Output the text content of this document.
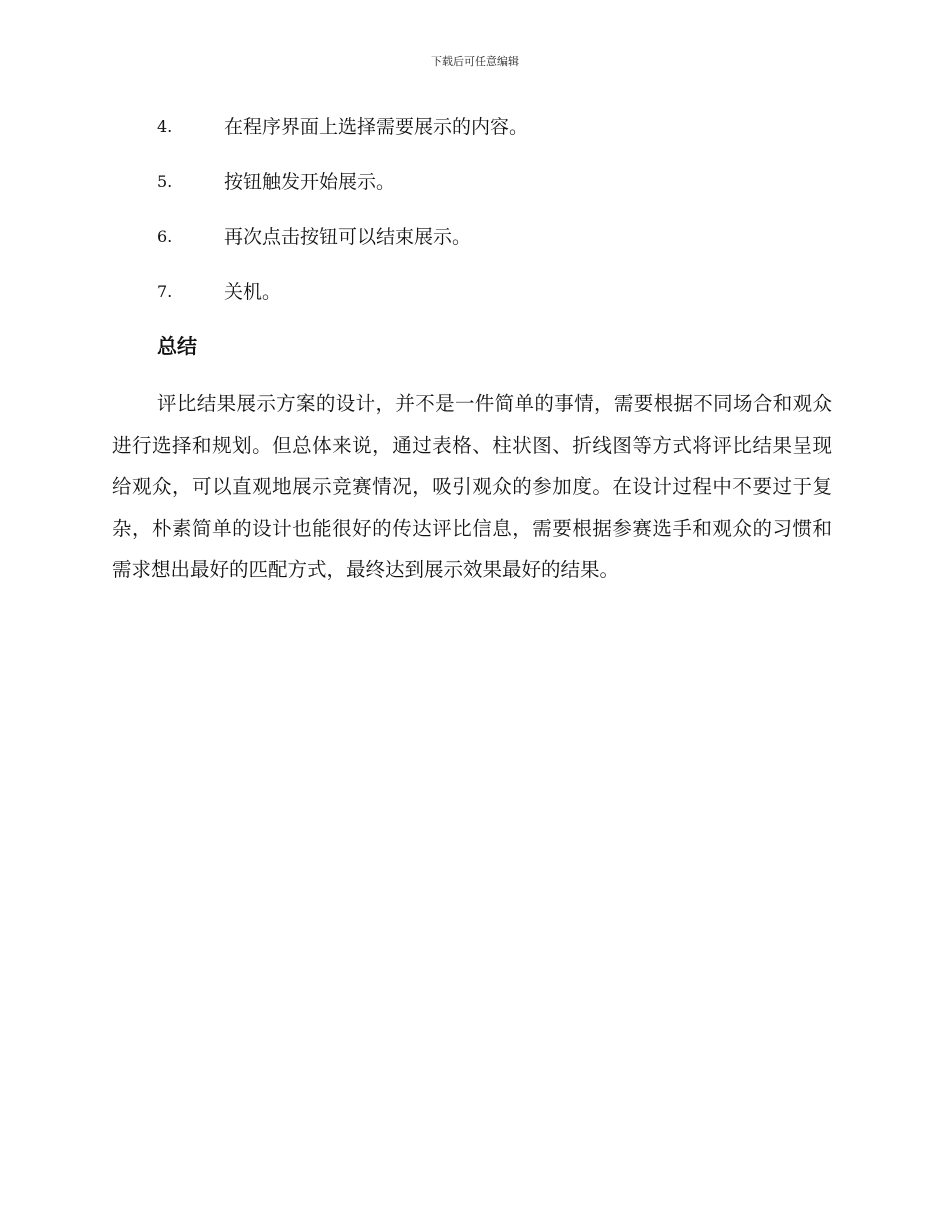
下载后可任意编辑
4.	在程序界面上选择需要展示的内容。
5.	按钮触发开始展示。
6.	再次点击按钮可以结束展示。
7.	关机。
总结

评比结果展示方案的设计，并不是一件简单的事情，需要根据不同场合和观众进行选择和规划。但总体来说，通过表格、柱状图、折线图等方式将评比结果呈现给观众，可以直观地展示竞赛情况，吸引观众的参加度。在设计过程中不要过于复杂，朴素简单的设计也能很好的传达评比信息，需要根据参赛选手和观众的习惯和需求想出最好的匹配方式，最终达到展示效果最好的结果。
